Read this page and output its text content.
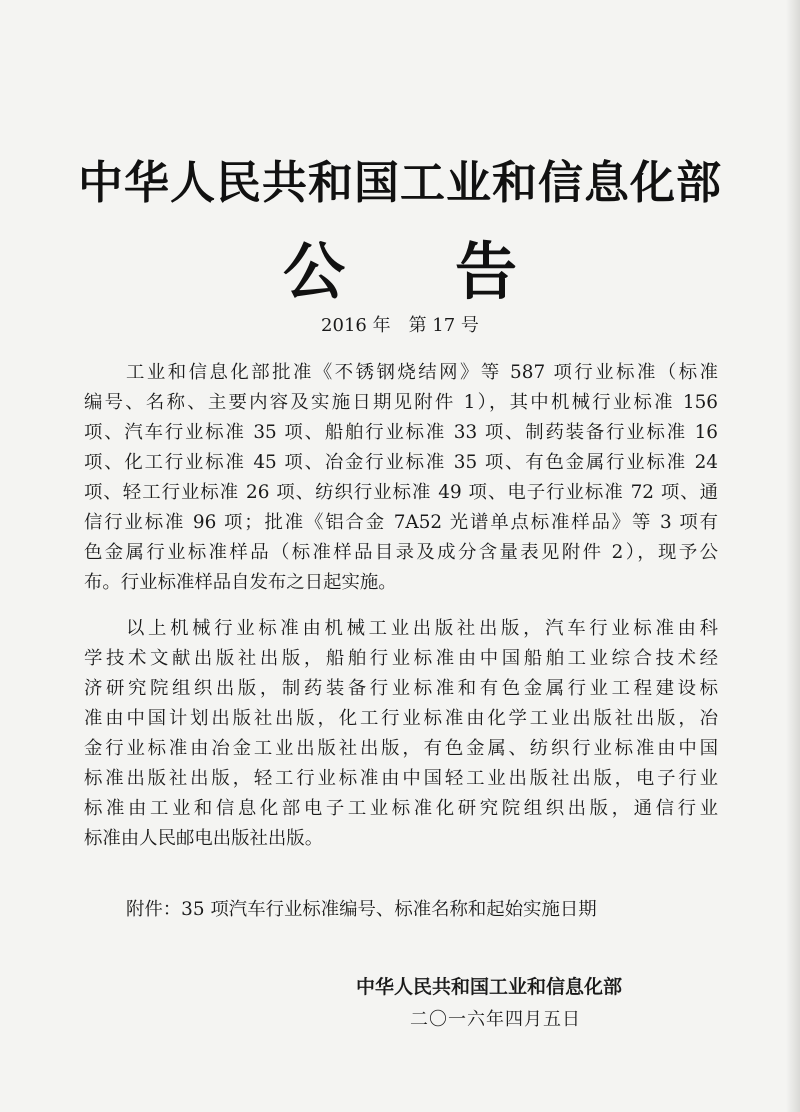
中华人民共和国工业和信息化部
公告
2016 年　第 17 号
工业和信息化部批准《不锈钢烧结网》等 587 项行业标准（标准
编号、名称、主要内容及实施日期见附件 1），其中机械行业标准 156
项、汽车行业标准 35 项、船舶行业标准 33 项、制药装备行业标准 16
项、化工行业标准 45 项、冶金行业标准 35 项、有色金属行业标准 24
项、轻工行业标准 26 项、纺织行业标准 49 项、电子行业标准 72 项、通
信行业标准 96 项；批准《铝合金 7A52 光谱单点标准样品》等 3 项有
色金属行业标准样品（标准样品目录及成分含量表见附件 2），现予公
布。行业标准样品自发布之日起实施。
以上机械行业标准由机械工业出版社出版，汽车行业标准由科
学技术文献出版社出版，船舶行业标准由中国船舶工业综合技术经
济研究院组织出版，制药装备行业标准和有色金属行业工程建设标
准由中国计划出版社出版，化工行业标准由化学工业出版社出版，冶
金行业标准由冶金工业出版社出版，有色金属、纺织行业标准由中国
标准出版社出版，轻工行业标准由中国轻工业出版社出版，电子行业
标准由工业和信息化部电子工业标准化研究院组织出版，通信行业
标准由人民邮电出版社出版。
附件：35 项汽车行业标准编号、标准名称和起始实施日期
中华人民共和国工业和信息化部
二〇一六年四月五日
